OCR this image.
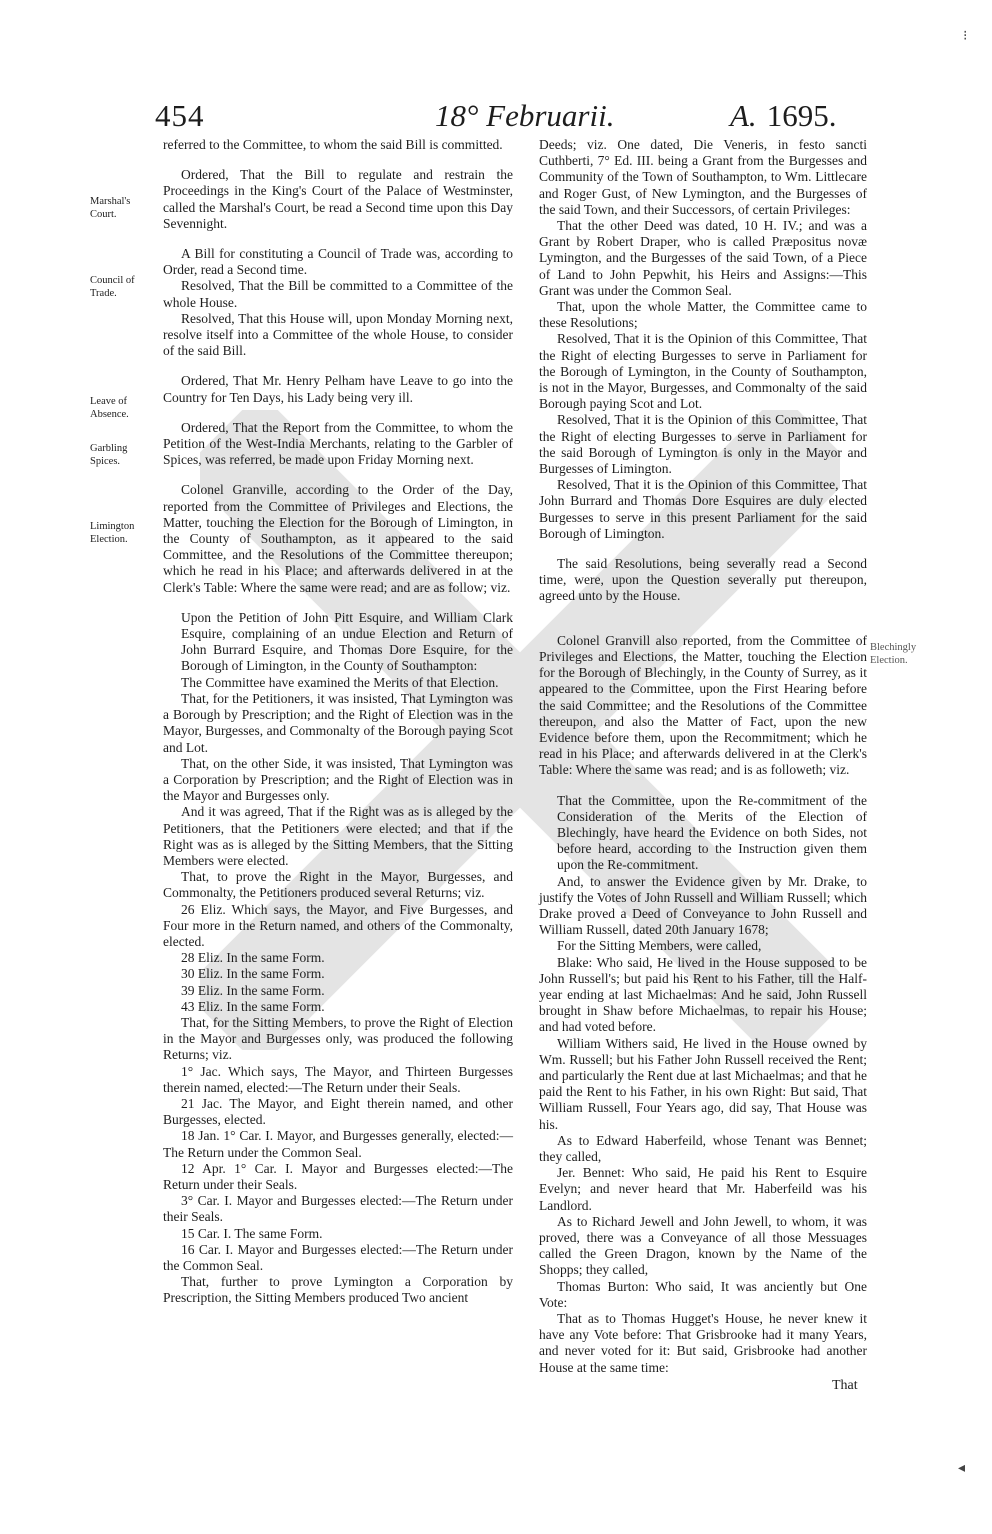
454	18° Februarii.	A. 1695.
⁝
◂
Marshal's Court.
Council of Trade.
Leave of Absence.
Garbling Spices.
Limington Election.
Blechingly Election.

referred to the Committee, to whom the said Bill is committed.

Ordered, That the Bill to regulate and restrain the Proceedings in the King's Court of the Palace of Westminster, called the Marshal's Court, be read a Second time upon this Day Sevennight.

A Bill for constituting a Council of Trade was, according to Order, read a Second time.

Resolved, That the Bill be committed to a Committee of the whole House.

Resolved, That this House will, upon Monday Morning next, resolve itself into a Committee of the whole House, to consider of the said Bill.

Ordered, That Mr. Henry Pelham have Leave to go into the Country for Ten Days, his Lady being very ill.

Ordered, That the Report from the Committee, to whom the Petition of the West-India Merchants, relating to the Garbler of Spices, was referred, be made upon Friday Morning next.

Colonel Granville, according to the Order of the Day, reported from the Committee of Privileges and Elections, the Matter, touching the Election for the Borough of Limington, in the County of Southampton, as it appeared to the said Committee, and the Resolutions of the Committee thereupon; which he read in his Place; and afterwards delivered in at the Clerk's Table: Where the same were read; and are as follow; viz.

Upon the Petition of John Pitt Esquire, and William Clark Esquire, complaining of an undue Election and Return of John Burrard Esquire, and Thomas Dore Esquire, for the Borough of Limington, in the County of Southampton:

The Committee have examined the Merits of that Election.

That, for the Petitioners, it was insisted, That Lymington was a Borough by Prescription; and the Right of Election was in the Mayor, Burgesses, and Commonalty of the Borough paying Scot and Lot.

That, on the other Side, it was insisted, That Lymington was a Corporation by Prescription; and the Right of Election was in the Mayor and Burgesses only.

And it was agreed, That if the Right was as is alleged by the Petitioners, that the Petitioners were elected; and that if the Right was as is alleged by the Sitting Members, that the Sitting Members were elected.

That, to prove the Right in the Mayor, Burgesses, and Commonalty, the Petitioners produced several Returns; viz.

26 Eliz. Which says, the Mayor, and Five Burgesses, and Four more in the Return named, and others of the Commonalty, elected.

28 Eliz. In the same Form.

30 Eliz. In the same Form.

39 Eliz. In the same Form.

43 Eliz. In the same Form.

That, for the Sitting Members, to prove the Right of Election in the Mayor and Burgesses only, was produced the following Returns; viz.

1° Jac. Which says, The Mayor, and Thirteen Burgesses therein named, elected:—The Return under their Seals.

21 Jac. The Mayor, and Eight therein named, and other Burgesses, elected.

18 Jan. 1° Car. I. Mayor, and Burgesses generally, elected:—The Return under the Common Seal.

12 Apr. 1° Car. I. Mayor and Burgesses elected:—The Return under their Seals.

3° Car. I. Mayor and Burgesses elected:—The Return under their Seals.

15 Car. I. The same Form.

16 Car. I. Mayor and Burgesses elected:—The Return under the Common Seal.

That, further to prove Lymington a Corporation by Prescription, the Sitting Members produced Two ancient

Deeds; viz. One dated, Die Veneris, in festo sancti Cuthberti, 7° Ed. III. being a Grant from the Burgesses and Community of the Town of Southampton, to Wm. Littlecare and Roger Gust, of New Lymington, and the Burgesses of the said Town, and their Successors, of certain Privileges:

That the other Deed was dated, 10 H. IV.; and was a Grant by Robert Draper, who is called Præpositus novæ Lymington, and the Burgesses of the said Town, of a Piece of Land to John Pepwhit, his Heirs and Assigns:—This Grant was under the Common Seal.

That, upon the whole Matter, the Committee came to these Resolutions;

Resolved, That it is the Opinion of this Committee, That the Right of electing Burgesses to serve in Parliament for the Borough of Lymington, in the County of Southampton, is not in the Mayor, Burgesses, and Commonalty of the said Borough paying Scot and Lot.

Resolved, That it is the Opinion of this Committee, That the Right of electing Burgesses to serve in Parliament for the said Borough of Lymington is only in the Mayor and Burgesses of Limington.

Resolved, That it is the Opinion of this Committee, That John Burrard and Thomas Dore Esquires are duly elected Burgesses to serve in this present Parliament for the said Borough of Limington.

The said Resolutions, being severally read a Second time, were, upon the Question severally put thereupon, agreed unto by the House.

Colonel Granvill also reported, from the Committee of Privileges and Elections, the Matter, touching the Election for the Borough of Blechingly, in the County of Surrey, as it appeared to the Committee, upon the First Hearing before the said Committee; and the Resolutions of the Committee thereupon, and also the Matter of Fact, upon the new Evidence before them, upon the Recommitment; which he read in his Place; and afterwards delivered in at the Clerk's Table: Where the same was read; and is as followeth; viz.

That the Committee, upon the Re-commitment of the Consideration of the Merits of the Election of Blechingly, have heard the Evidence on both Sides, not before heard, according to the Instruction given them upon the Re-commitment.

And, to answer the Evidence given by Mr. Drake, to justify the Votes of John Russell and William Russell; which Drake proved a Deed of Conveyance to John Russell and William Russell, dated 20th January 1678;

For the Sitting Members, were called,

Blake: Who said, He lived in the House supposed to be John Russell's; but paid his Rent to his Father, till the Half-year ending at last Michaelmas: And he said, John Russell brought in Shaw before Michaelmas, to repair his House; and had voted before.

William Withers said, He lived in the House owned by Wm. Russell; but his Father John Russell received the Rent; and particularly the Rent due at last Michaelmas; and that he paid the Rent to his Father, in his own Right: But said, That William Russell, Four Years ago, did say, That House was his.

As to Edward Haberfeild, whose Tenant was Bennet; they called,

Jer. Bennet: Who said, He paid his Rent to Esquire Evelyn; and never heard that Mr. Haberfeild was his Landlord.

As to Richard Jewell and John Jewell, to whom, it was proved, there was a Conveyance of all those Messuages called the Green Dragon, known by the Name of the Shopps; they called,

Thomas Burton: Who said, It was anciently but One Vote:

That as to Thomas Hugget's House, he never knew it have any Vote before: That Grisbrooke had it many Years, and never voted for it: But said, Grisbrooke had another House at the same time:

That
